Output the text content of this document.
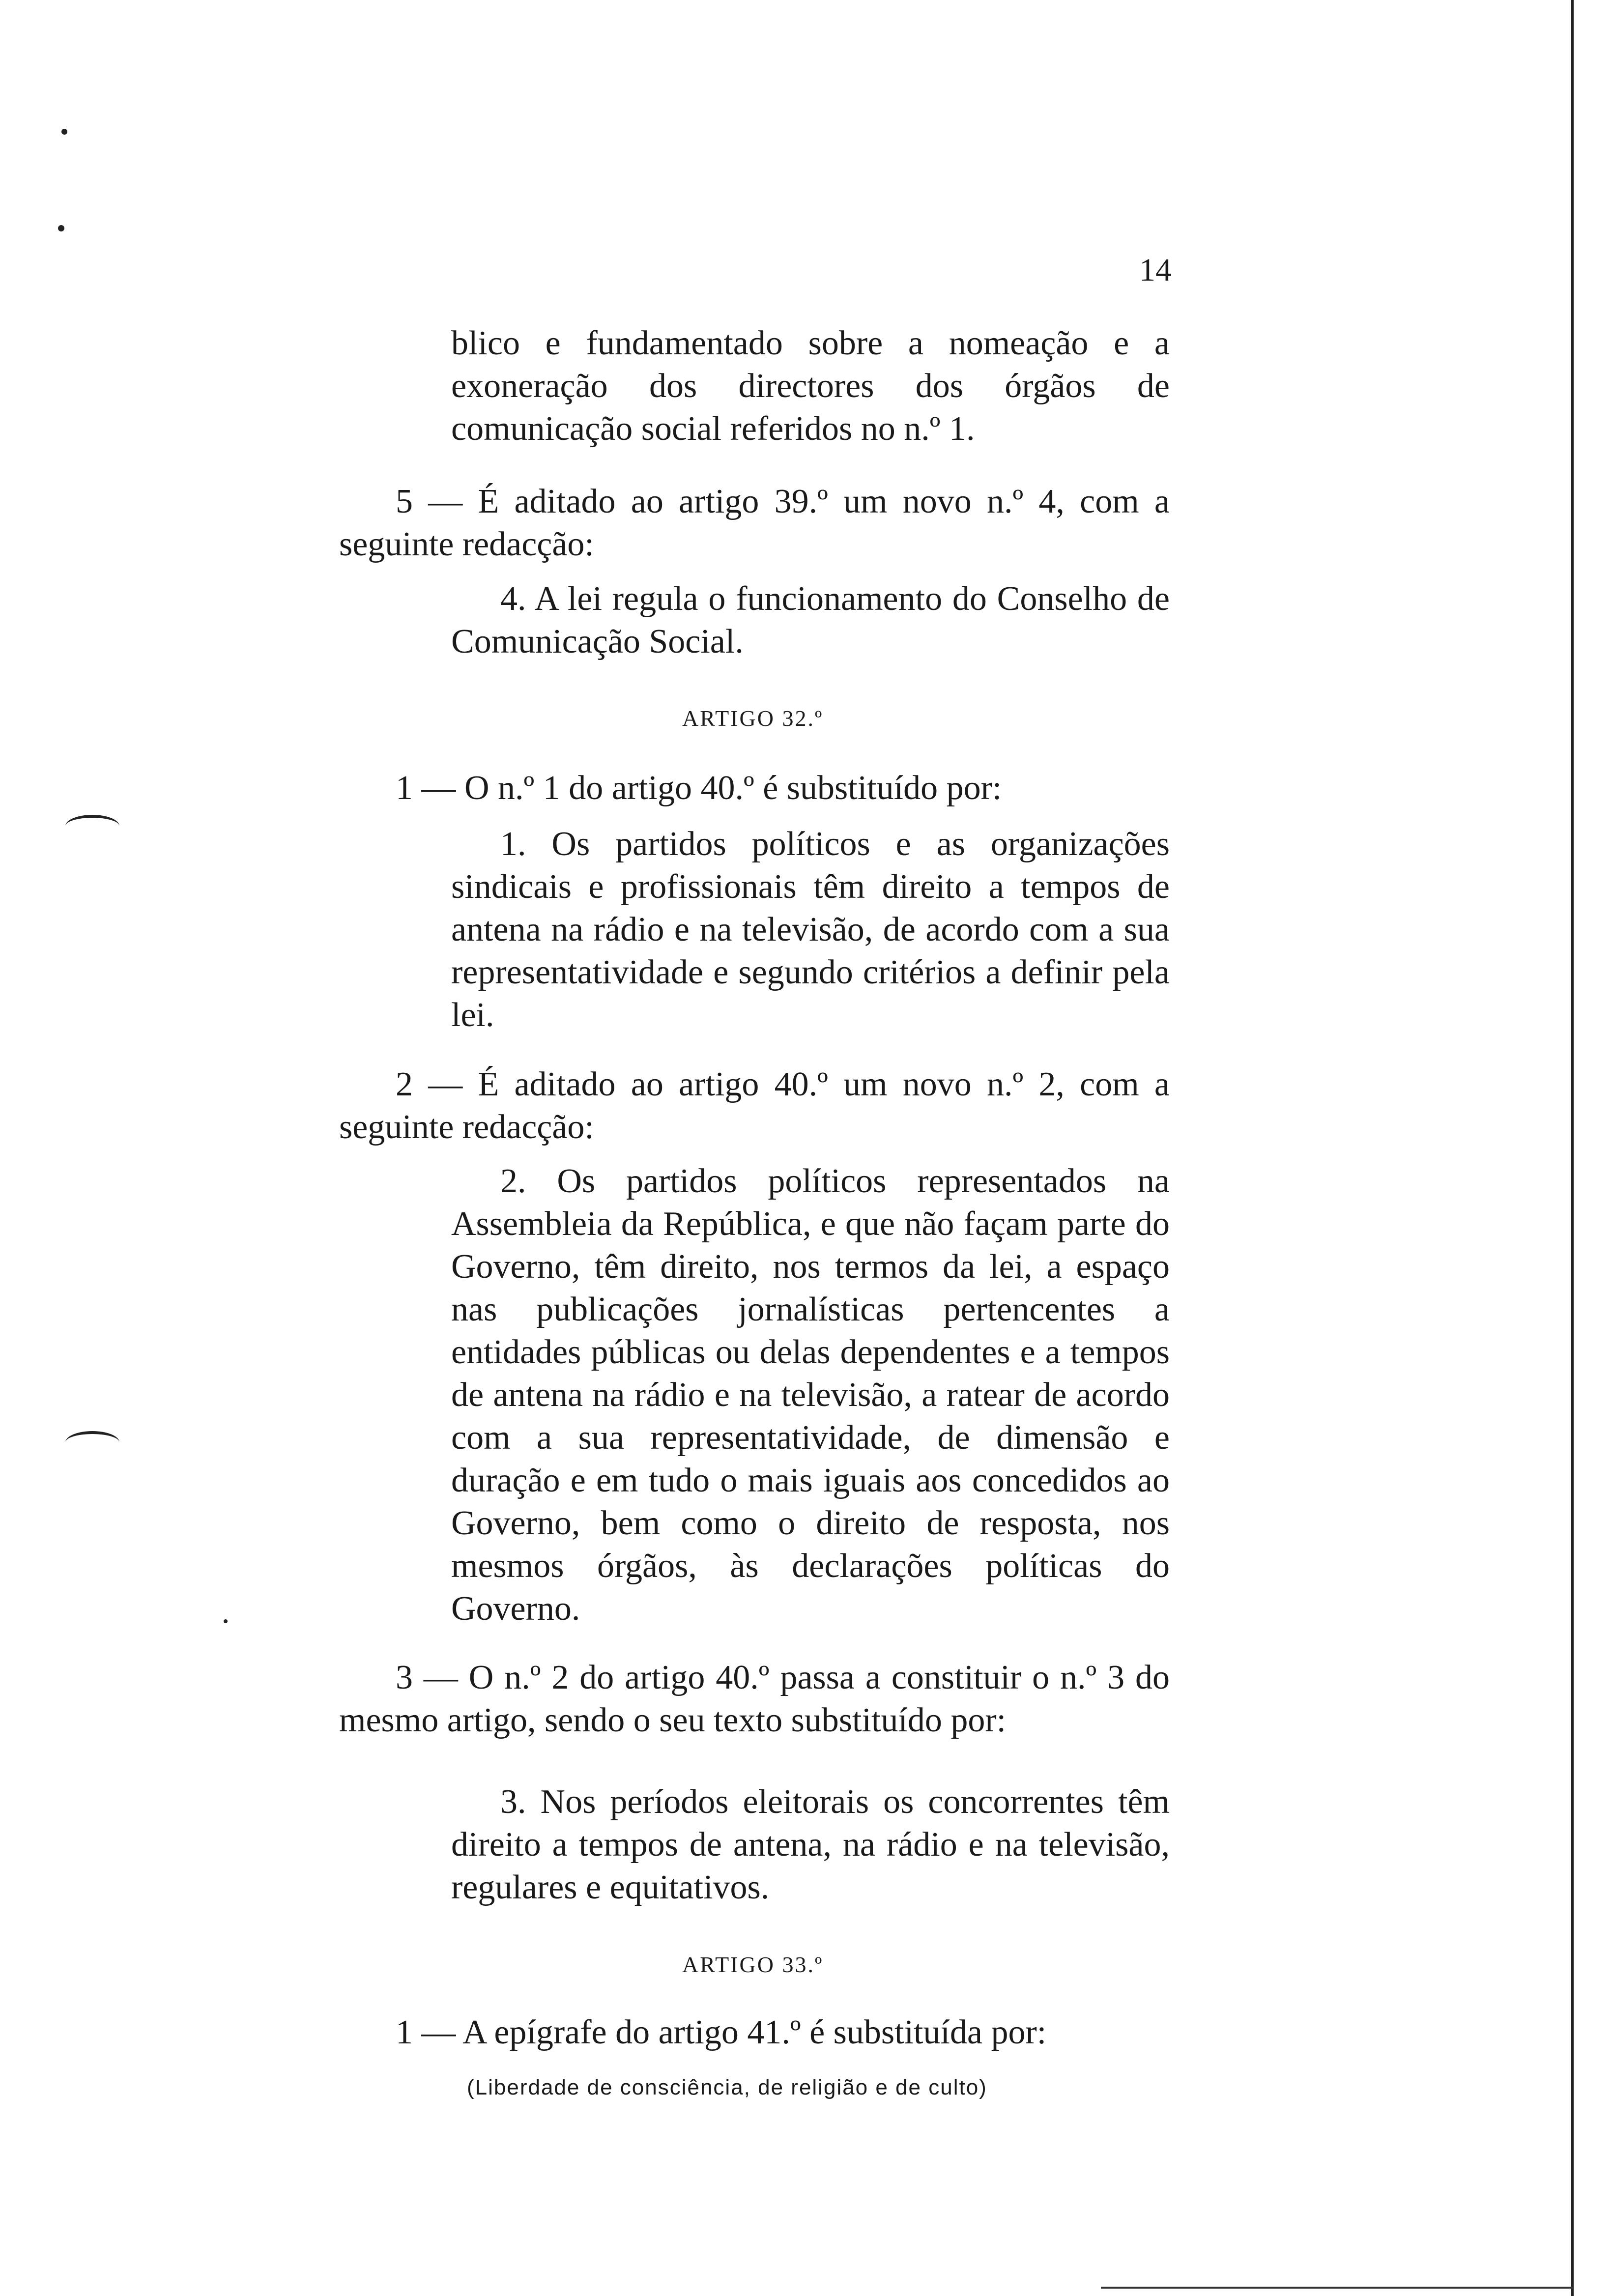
14
blico e fundamentado sobre a nomeação e a exoneração dos directores dos órgãos de comunicação social referidos no n.º 1.
5 — É aditado ao artigo 39.º um novo n.º 4, com a seguinte redacção:
4. A lei regula o funcionamento do Conselho de Comunicação Social.
ARTIGO 32.º
1 — O n.º 1 do artigo 40.º é substituído por:
1. Os partidos políticos e as organizações sindicais e profissionais têm direito a tempos de antena na rádio e na televisão, de acordo com a sua representatividade e segundo critérios a definir pela lei.
2 — É aditado ao artigo 40.º um novo n.º 2, com a seguinte redacção:
2. Os partidos políticos representados na Assembleia da República, e que não façam parte do Governo, têm direito, nos termos da lei, a espaço nas publicações jornalísticas pertencentes a entidades públicas ou delas dependentes e a tempos de antena na rádio e na televisão, a ratear de acordo com a sua representatividade, de dimensão e duração e em tudo o mais iguais aos concedidos ao Governo, bem como o direito de resposta, nos mesmos órgãos, às declarações políticas do Governo.
3 — O n.º 2 do artigo 40.º passa a constituir o n.º 3 do mesmo artigo, sendo o seu texto substituído por:
3. Nos períodos eleitorais os concorrentes têm direito a tempos de antena, na rádio e na televisão, regulares e equitativos.
ARTIGO 33.º
1 — A epígrafe do artigo 41.º é substituída por:
(Liberdade de consciência, de religião e de culto)
